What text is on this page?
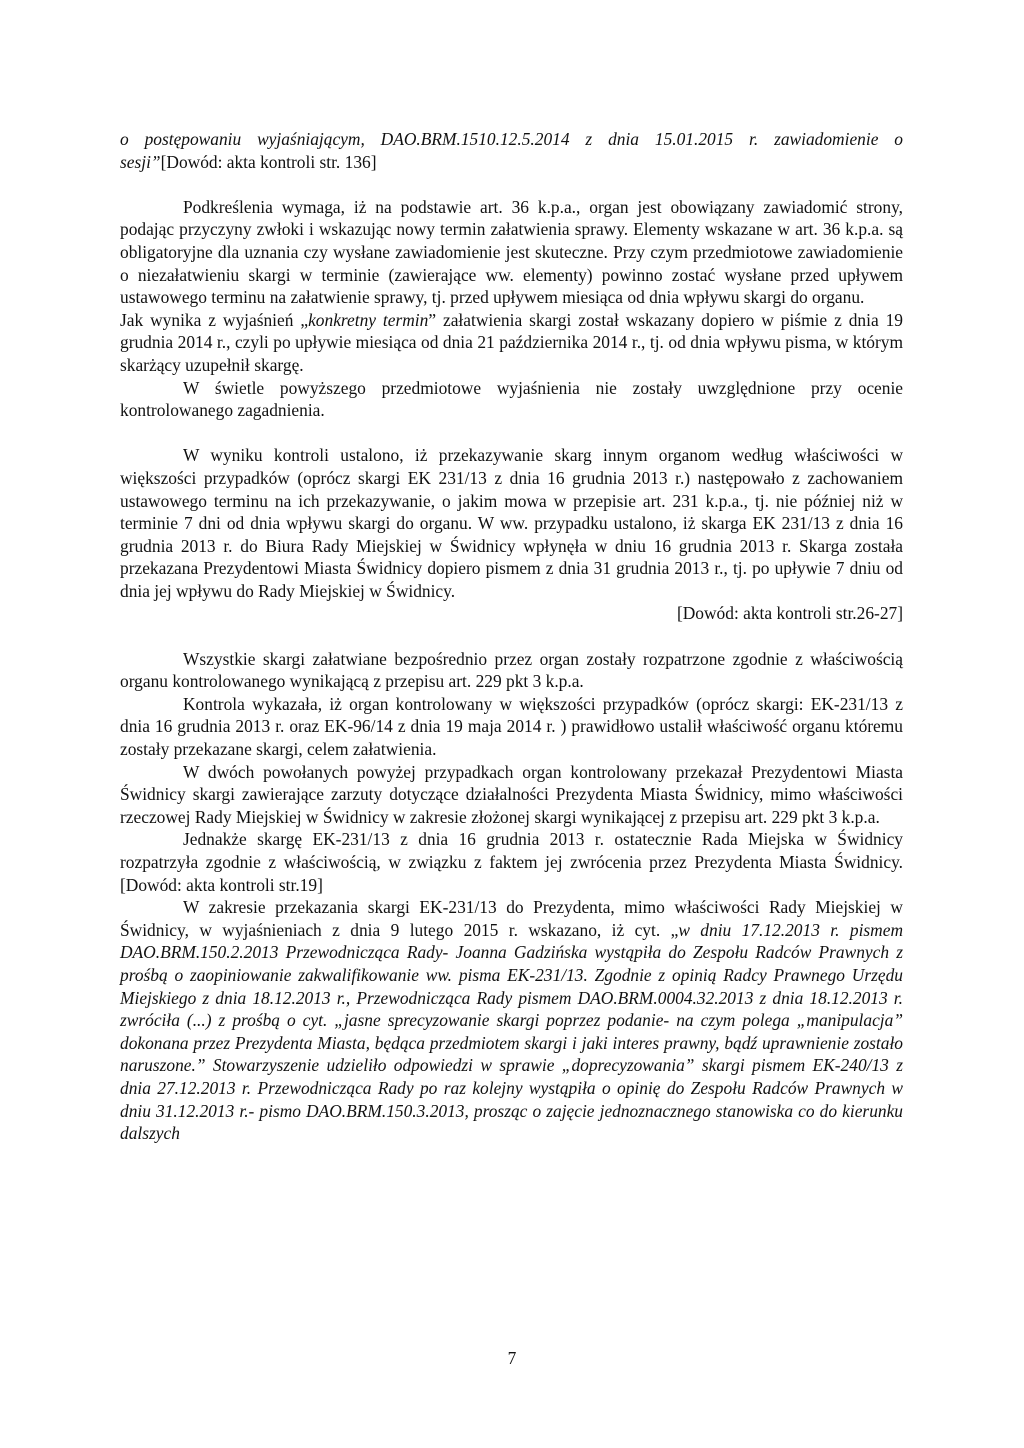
o postępowaniu wyjaśniającym, DAO.BRM.1510.12.5.2014 z dnia 15.01.2015 r. zawiadomienie o sesji”[Dowód: akta kontroli str. 136]

Podkreślenia wymaga, iż na podstawie art. 36 k.p.a., organ jest obowiązany zawiadomić strony, podając przyczyny zwłoki i wskazując nowy termin załatwienia sprawy. Elementy wskazane w art. 36 k.p.a. są obligatoryjne dla uznania czy wysłane zawiadomienie jest skuteczne. Przy czym przedmiotowe zawiadomienie o niezałatwieniu skargi w terminie (zawierające ww. elementy) powinno zostać wysłane przed upływem ustawowego terminu na załatwienie sprawy, tj. przed upływem miesiąca od dnia wpływu skargi do organu.

Jak wynika z wyjaśnień „konkretny termin” załatwienia skargi został wskazany dopiero w piśmie z dnia 19 grudnia 2014 r., czyli po upływie miesiąca od dnia 21 października 2014 r., tj. od dnia wpływu pisma, w którym skarżący uzupełnił skargę.

W świetle powyższego przedmiotowe wyjaśnienia nie zostały uwzględnione przy ocenie kontrolowanego zagadnienia.

W wyniku kontroli ustalono, iż przekazywanie skarg innym organom według właściwości w większości przypadków (oprócz skargi EK 231/13 z dnia 16 grudnia 2013 r.) następowało z zachowaniem ustawowego terminu na ich przekazywanie, o jakim mowa w przepisie art. 231 k.p.a., tj. nie później niż w terminie 7 dni od dnia wpływu skargi do organu. W ww. przypadku ustalono, iż skarga EK 231/13 z dnia 16 grudnia 2013 r. do Biura Rady Miejskiej w Świdnicy wpłynęła w dniu 16 grudnia 2013 r. Skarga została przekazana Prezydentowi Miasta Świdnicy dopiero pismem z dnia 31 grudnia 2013 r., tj. po upływie 7 dniu od dnia jej wpływu do Rady Miejskiej w Świdnicy.

[Dowód: akta kontroli str.26-27]

Wszystkie skargi załatwiane bezpośrednio przez organ zostały rozpatrzone zgodnie z właściwością organu kontrolowanego wynikającą z przepisu art. 229 pkt 3 k.p.a.

Kontrola wykazała, iż organ kontrolowany w większości przypadków (oprócz skargi: EK-231/13 z dnia 16 grudnia 2013 r. oraz EK-96/14 z dnia 19 maja 2014 r. ) prawidłowo ustalił właściwość organu któremu zostały przekazane skargi, celem załatwienia.

W dwóch powołanych powyżej przypadkach organ kontrolowany przekazał Prezydentowi Miasta Świdnicy skargi zawierające zarzuty dotyczące działalności Prezydenta Miasta Świdnicy, mimo właściwości rzeczowej Rady Miejskiej w Świdnicy w zakresie złożonej skargi wynikającej z przepisu art. 229 pkt 3 k.p.a.

Jednakże skargę EK-231/13 z dnia 16 grudnia 2013 r. ostatecznie Rada Miejska w Świdnicy rozpatrzyła zgodnie z właściwością, w związku z faktem jej zwrócenia przez Prezydenta Miasta Świdnicy.[Dowód: akta kontroli str.19]

W zakresie przekazania skargi EK-231/13 do Prezydenta, mimo właściwości Rady Miejskiej w Świdnicy, w wyjaśnieniach z dnia 9 lutego 2015 r. wskazano, iż cyt. „w dniu 17.12.2013 r. pismem DAO.BRM.150.2.2013 Przewodnicząca Rady- Joanna Gadzińska wystąpiła do Zespołu Radców Prawnych z prośbą o zaopiniowanie zakwalifikowanie ww. pisma EK-231/13. Zgodnie z opinią Radcy Prawnego Urzędu Miejskiego z dnia 18.12.2013 r., Przewodnicząca Rady pismem DAO.BRM.0004.32.2013 z dnia 18.12.2013 r. zwróciła (...) z prośbą o cyt. „jasne sprecyzowanie skargi poprzez podanie- na czym polega „manipulacja” dokonana przez Prezydenta Miasta, będąca przedmiotem skargi i jaki interes prawny, bądź uprawnienie zostało naruszone.” Stowarzyszenie udzieliło odpowiedzi w sprawie „doprecyzowania” skargi pismem EK-240/13 z dnia 27.12.2013 r. Przewodnicząca Rady po raz kolejny wystąpiła o opinię do Zespołu Radców Prawnych w dniu 31.12.2013 r.- pismo DAO.BRM.150.3.2013, prosząc o zajęcie jednoznacznego stanowiska co do kierunku dalszych

7
